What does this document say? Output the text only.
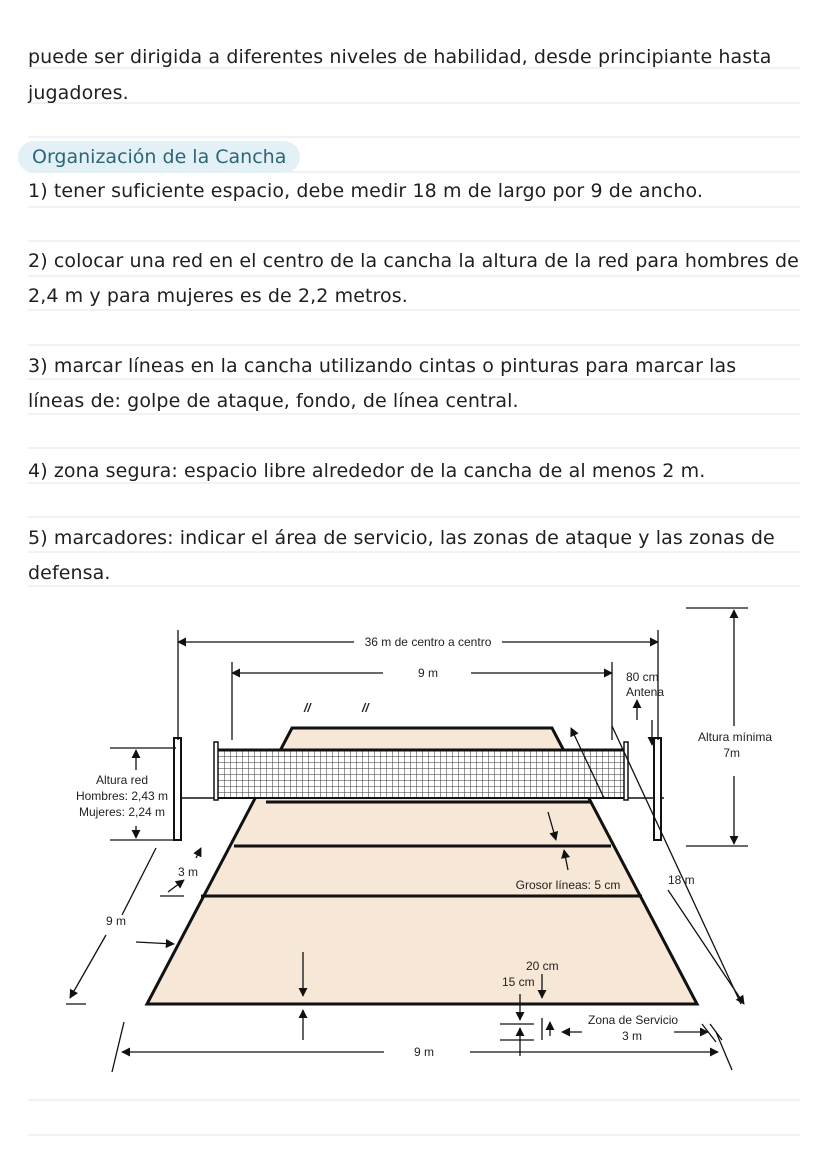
puede ser dirigida a diferentes niveles de habilidad, desde principiante hasta
jugadores.
Organización de la Cancha
1) tener suficiente espacio, debe medir 18 m de largo por 9 de ancho.
2) colocar una red en el centro de la cancha la altura de la red para hombres de
2,4 m y para mujeres es de 2,2 metros.
3) marcar líneas en la cancha utilizando cintas o pinturas para marcar las
líneas de: golpe de ataque, fondo, de línea central.
4) zona segura: espacio libre alrededor de la cancha de al menos 2 m.
5) marcadores: indicar el área de servicio, las zonas de ataque y las zonas de
defensa.
36 m de centro a centro
9 m	80 cm
Antena
//	//
Altura mínima
7m
Altura red
Hombres: 2,43 m
Mujeres: 2,24 m
3 m
9 m
Grosor líneas: 5 cm	18 m
20 cm
15 cm
Zona de Servicio
3 m
9 m
